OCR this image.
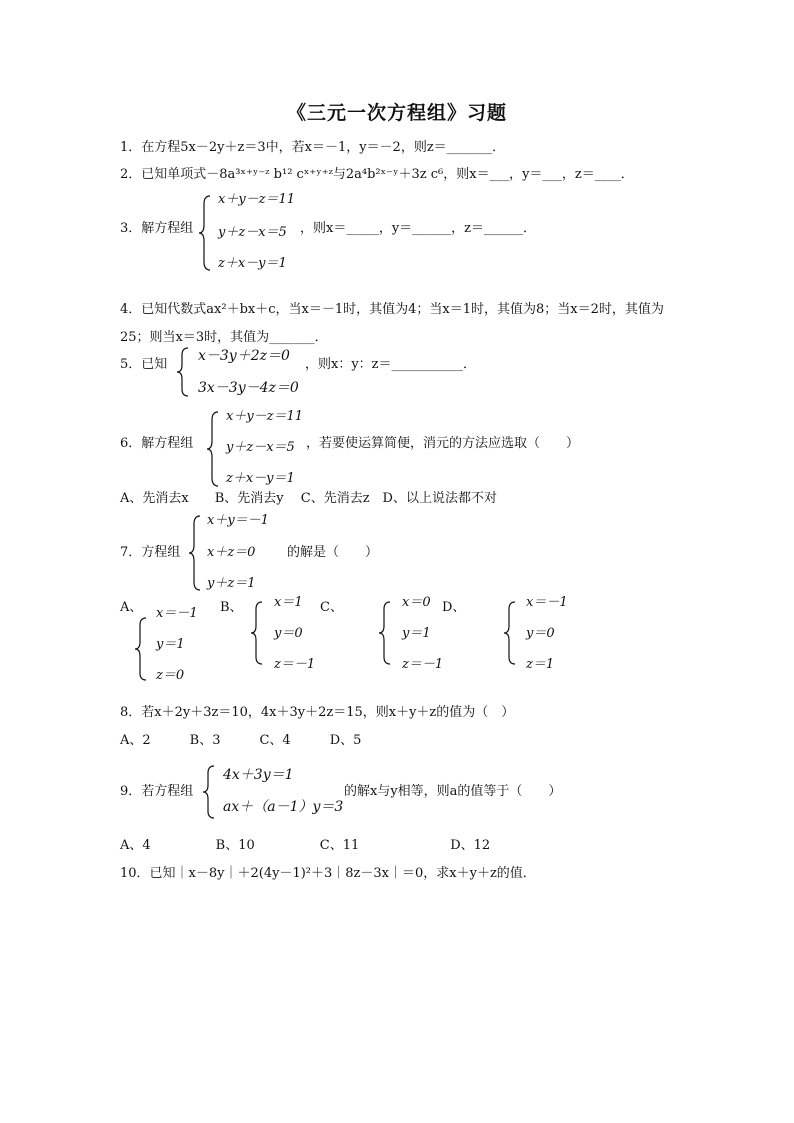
《三元一次方程组》习题
1．在方程5x－2y＋z＝3中，若x＝－1，y＝－2，则z＝_______．
2．已知单项式－8a³ˣ⁺ʸ⁻ᶻ b¹² cˣ⁺ʸ⁺ᶻ与2a⁴b²ˣ⁻ʸ＋3z c⁶，则x＝___，y＝___，z＝____．
3．解方程组
x＋y－z＝11
y＋z－x＝5
z＋x－y＝1
，则x＝_____，y＝______，z＝______．
4．已知代数式ax²＋bx＋c，当x＝－1时，其值为4；当x＝1时，其值为8；当x＝2时，其值为
25；则当x＝3时，其值为_______．
5．已知
x－3y＋2z＝0
3x－3y－4z＝0
，则x：y：z＝___________．
6．解方程组
x＋y－z＝11
y＋z－x＝5
z＋x－y＝1
，若要使运算简便，消元的方法应选取（　　）
A、先消去x　　B、先消去y　 C、先消去z　D、以上说法都不对
7．方程组
x＋y＝－1
x＋z＝0
y＋z＝1
的解是（　　）
A、 x＝－1
y＝1
z＝0
B、 x＝1
y＝0
z＝－1
C、	x＝0
y＝1
z＝－1
D、	x＝－1
y＝0
z＝1
8．若x＋2y＋3z＝10，4x＋3y＋2z＝15，则x＋y＋z的值为（　）
A、2　　　B、3　　　C、4　　　D、5
9．若方程组
4x＋3y＝1
ax＋（a－1）y＝3
的解x与y相等，则a的值等于（　　）
A、4　　　　　B、10　　　　　C、11　　　　　　　D、12
10．已知｜x－8y｜＋2(4y－1)²＋3｜8z－3x｜＝0，求x＋y＋z的值．
